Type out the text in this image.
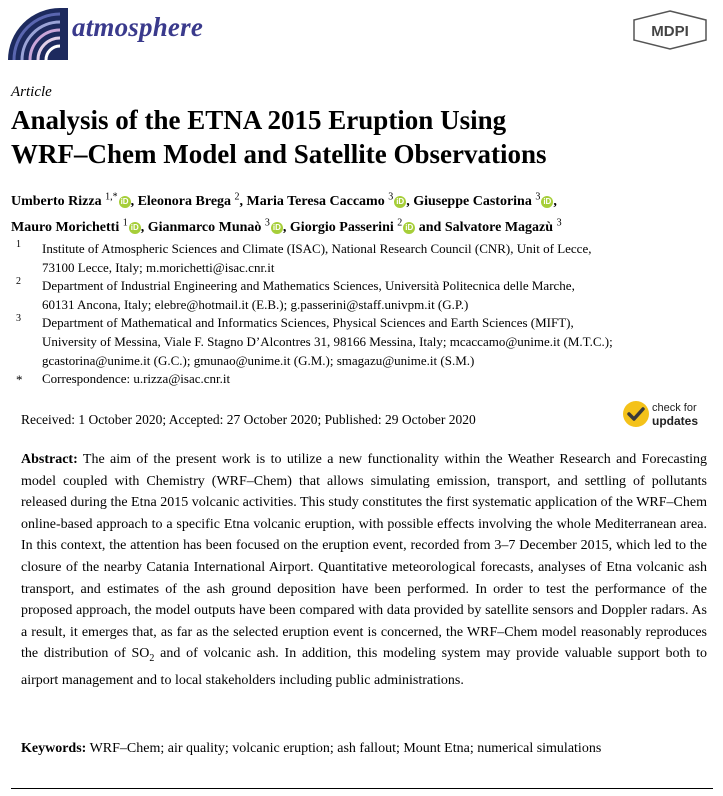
atmosphere	MDPI
Article
Analysis of the ETNA 2015 Eruption Using
WRF–Chem Model and Satellite Observations
Umberto Rizza $^{1,*}$ iD , Eleonora Brega $^2$, Maria Teresa Caccamo $^3$ iD , Giuseppe Castorina $^3$ iD ,
Mauro Morichetti $^1$ iD , Gianmarco Munaò $^3$ iD , Giorgio Passerini $^2$ iD and Salvatore Magazù $^3$
1 Institute of Atmospheric Sciences and Climate (ISAC), National Research Council (CNR), Unit of Lecce,
73100 Lecce, Italy; m.morichetti@isac.cnr.it
2 Department of Industrial Engineering and Mathematics Sciences, Università Politecnica delle Marche,
60131 Ancona, Italy; elebre@hotmail.it (E.B.); g.passerini@staff.univpm.it (G.P.)
3 Department of Mathematical and Informatics Sciences, Physical Sciences and Earth Sciences (MIFT),
University of Messina, Viale F. Stagno D’Alcontres 31, 98166 Messina, Italy; mcaccamo@unime.it (M.T.C.);
gcastorina@unime.it (G.C.); gmunao@unime.it (G.M.); smagazu@unime.it (S.M.)
* Correspondence: u.rizza@isac.cnr.it
Received: 1 October 2020; Accepted: 27 October 2020; Published: 29 October 2020
check for
updates

Abstract: The aim of the present work is to utilize a new functionality within the Weather Research and Forecasting model coupled with Chemistry (WRF–Chem) that allows simulating emission, transport, and settling of pollutants released during the Etna 2015 volcanic activities. This study constitutes the first systematic application of the WRF–Chem online-based approach to a specific Etna volcanic eruption, with possible effects involving the whole Mediterranean area. In this context, the attention has been focused on the eruption event, recorded from 3–7 December 2015, which led to the closure of the nearby Catania International Airport. Quantitative meteorological forecasts, analyses of Etna volcanic ash transport, and estimates of the ash ground deposition have been performed. In order to test the performance of the proposed approach, the model outputs have been compared with data provided by satellite sensors and Doppler radars. As a result, it emerges that, as far as the selected eruption event is concerned, the WRF–Chem model reasonably reproduces the distribution of $SO_2$ and of volcanic ash. In addition, this modeling system may provide valuable support both to airport management and to local stakeholders including public administrations.

Keywords: WRF–Chem; air quality; volcanic eruption; ash fallout; Mount Etna; numerical simulations
